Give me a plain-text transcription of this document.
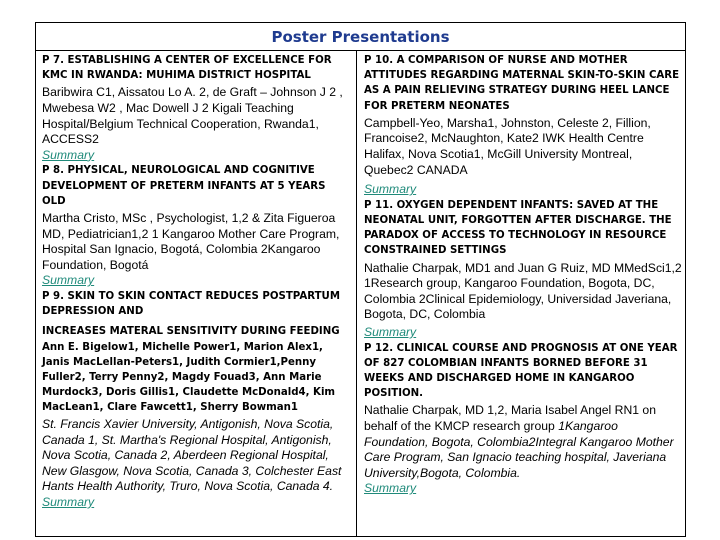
Poster Presentations

P 7. ESTABLISHING A CENTER OF EXCELLENCE FOR KMC IN RWANDA: MUHIMA DISTRICT HOSPITAL

Baribwira C1, Aissatou Lo A. 2, de Graft – Johnson J 2 , Mwebesa W2 , Mac Dowell J 2 Kigali Teaching Hospital/Belgium Technical Cooperation, Rwanda1, ACCESS2

Summary

P 8. PHYSICAL, NEUROLOGICAL AND COGNITIVE DEVELOPMENT OF PRETERM INFANTS AT 5 YEARS OLD

Martha Cristo, MSc , Psychologist, 1,2 & Zita Figueroa MD, Pediatrician1,2 1 Kangaroo Mother Care Program, Hospital San Ignacio, Bogotá, Colombia 2Kangaroo Foundation, Bogotá

Summary

P 9. SKIN TO SKIN CONTACT REDUCES POSTPARTUM DEPRESSION AND

INCREASES MATERAL SENSITIVITY DURING FEEDING

Ann E. Bigelow1, Michelle Power1, Marion Alex1, Janis MacLellan-Peters1, Judith Cormier1,Penny Fuller2, Terry Penny2, Magdy Fouad3, Ann Marie Murdock3, Doris Gillis1, Claudette McDonald4, Kim MacLean1, Clare Fawcett1, Sherry Bowman1

St. Francis Xavier University, Antigonish, Nova Scotia, Canada 1, St. Martha's Regional Hospital, Antigonish, Nova Scotia, Canada 2, Aberdeen Regional Hospital, New Glasgow, Nova Scotia, Canada 3, Colchester East Hants Health Authority, Truro, Nova Scotia, Canada 4.

Summary

P 10. A COMPARISON OF NURSE AND MOTHER ATTITUDES REGARDING MATERNAL SKIN-TO-SKIN CARE AS A PAIN RELIEVING STRATEGY DURING HEEL LANCE FOR PRETERM NEONATES

Campbell-Yeo, Marsha1, Johnston, Celeste 2, Fillion, Francoise2, McNaughton, Kate2 IWK Health Centre Halifax, Nova Scotia1, McGill University Montreal, Quebec2 CANADA

Summary

P 11. OXYGEN DEPENDENT INFANTS: SAVED AT THE NEONATAL UNIT, FORGOTTEN AFTER DISCHARGE. THE PARADOX OF ACCESS TO TECHNOLOGY IN RESOURCE CONSTRAINED SETTINGS

Nathalie Charpak, MD1 and Juan G Ruiz, MD MMedSci1,2 1Research group, Kangaroo Foundation, Bogota, DC, Colombia 2Clinical Epidemiology, Universidad Javeriana, Bogota, DC, Colombia

Summary

P 12. CLINICAL COURSE AND PROGNOSIS AT ONE YEAR OF 827 COLOMBIAN INFANTS BORNED BEFORE 31 WEEKS AND DISCHARGED HOME IN KANGAROO POSITION.

Nathalie Charpak, MD 1,2, Maria Isabel Angel RN1 on behalf of the KMCP research group 1Kangaroo Foundation, Bogota, Colombia2Integral Kangaroo Mother Care Program, San Ignacio teaching hospital, Javeriana University,Bogota, Colombia.

Summary
